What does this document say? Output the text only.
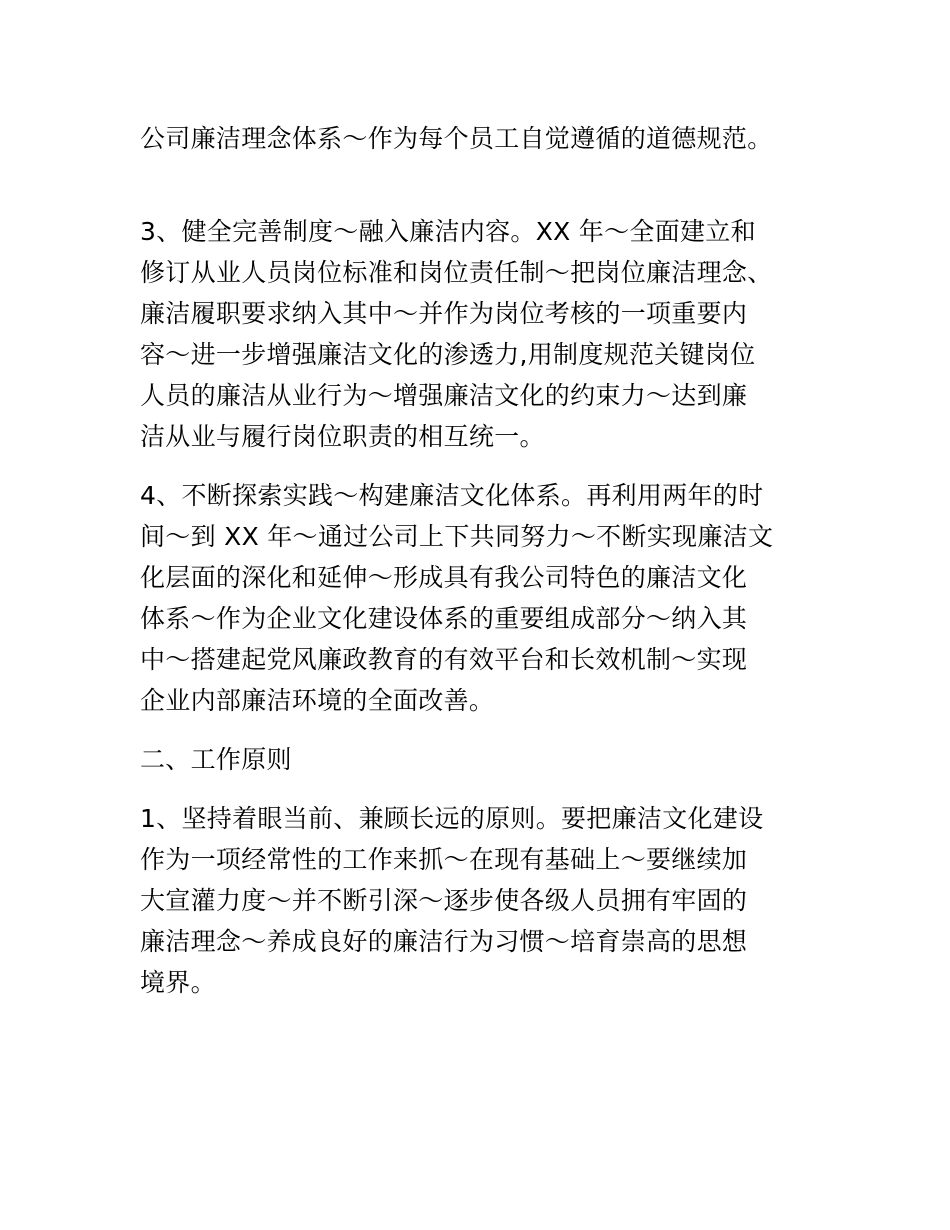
公司廉洁理念体系～作为每个员工自觉遵循的道德规范。

3、健全完善制度～融入廉洁内容。XX 年～全面建立和
修订从业人员岗位标准和岗位责任制～把岗位廉洁理念、
廉洁履职要求纳入其中～并作为岗位考核的一项重要内
容～进一步增强廉洁文化的渗透力,用制度规范关键岗位
人员的廉洁从业行为～增强廉洁文化的约束力～达到廉
洁从业与履行岗位职责的相互统一。

4、不断探索实践～构建廉洁文化体系。再利用两年的时
间～到 XX 年～通过公司上下共同努力～不断实现廉洁文
化层面的深化和延伸～形成具有我公司特色的廉洁文化
体系～作为企业文化建设体系的重要组成部分～纳入其
中～搭建起党风廉政教育的有效平台和长效机制～实现
企业内部廉洁环境的全面改善。

二、工作原则

1、坚持着眼当前、兼顾长远的原则。要把廉洁文化建设
作为一项经常性的工作来抓～在现有基础上～要继续加
大宣灌力度～并不断引深～逐步使各级人员拥有牢固的
廉洁理念～养成良好的廉洁行为习惯～培育崇高的思想
境界。
